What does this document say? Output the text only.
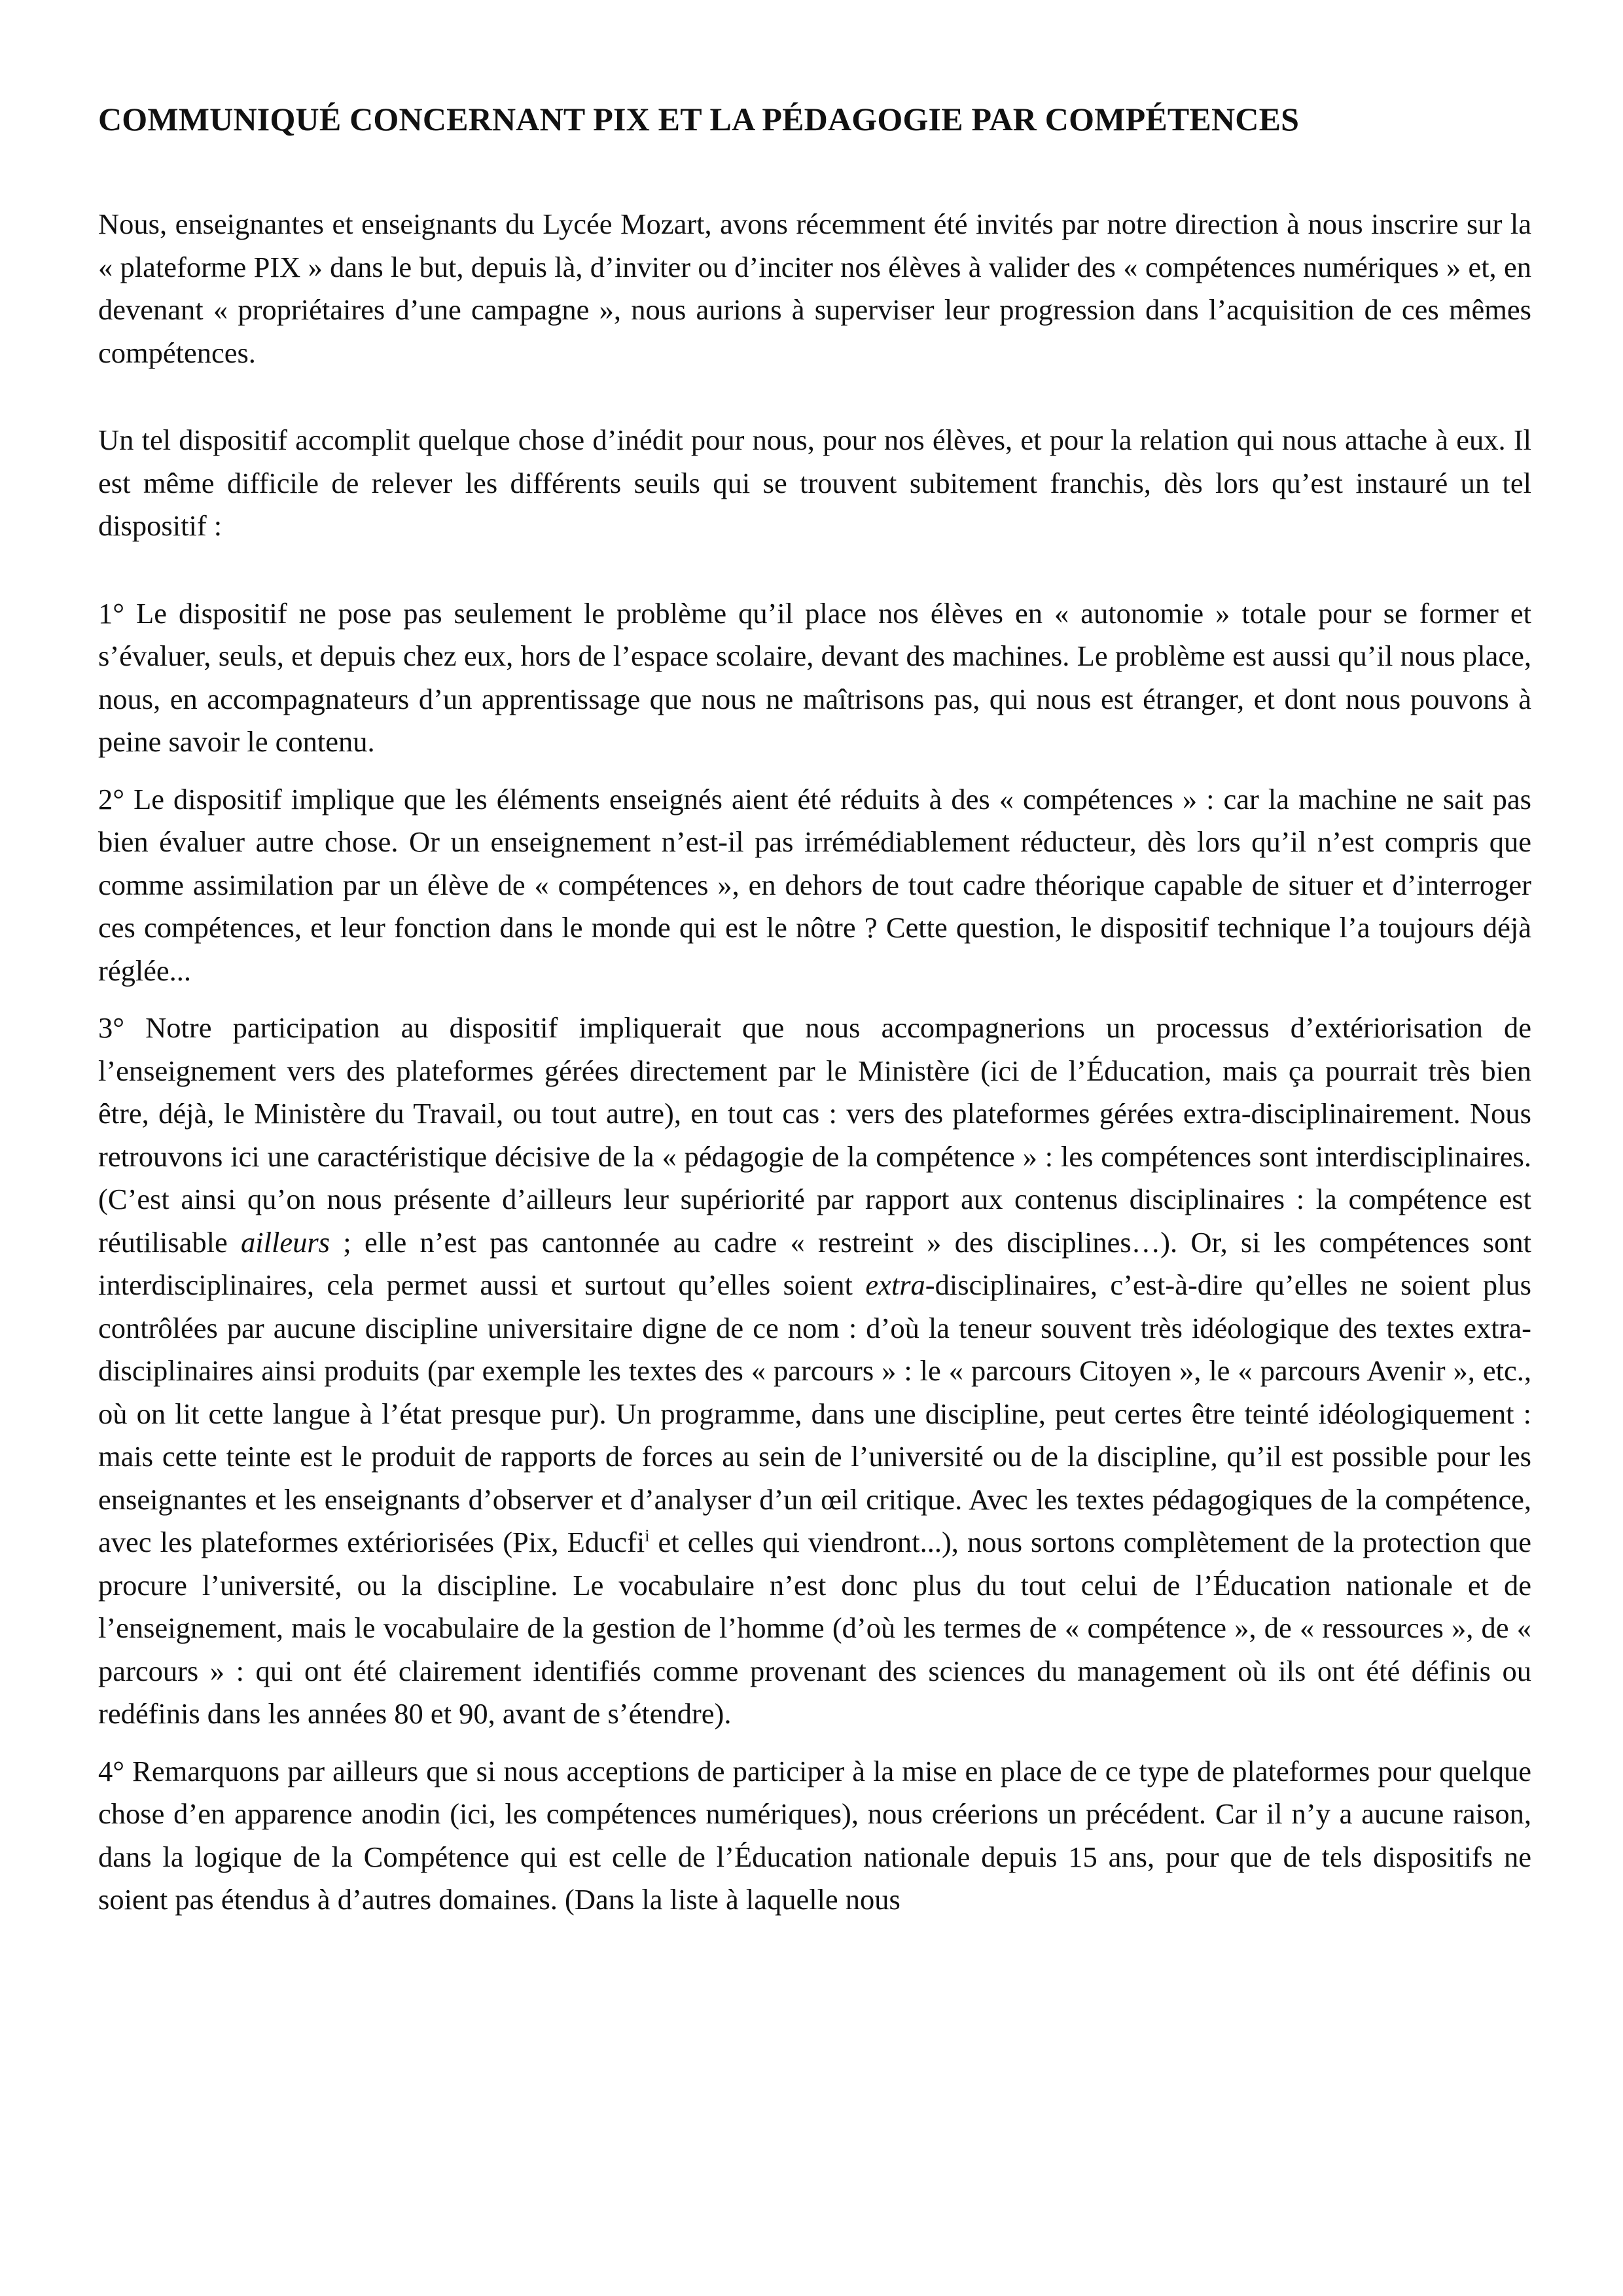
COMMUNIQUÉ CONCERNANT PIX ET LA PÉDAGOGIE PAR COMPÉTENCES

Nous, enseignantes et enseignants du Lycée Mozart, avons récemment été invités par notre direction à nous inscrire sur la « plateforme PIX » dans le but, depuis là, d’inviter ou d’inciter nos élèves à valider des « compétences numériques » et, en devenant « propriétaires d’une campagne », nous aurions à superviser leur progression dans l’acquisition de ces mêmes compétences.

Un tel dispositif accomplit quelque chose d’inédit pour nous, pour nos élèves, et pour la relation qui nous attache à eux. Il est même difficile de relever les différents seuils qui se trouvent subitement franchis, dès lors qu’est instauré un tel dispositif :

1° Le dispositif ne pose pas seulement le problème qu’il place nos élèves en « autonomie » totale pour se former et s’évaluer, seuls, et depuis chez eux, hors de l’espace scolaire, devant des machines. Le problème est aussi qu’il nous place, nous, en accompagnateurs d’un apprentissage que nous ne maîtrisons pas, qui nous est étranger, et dont nous pouvons à peine savoir le contenu.

2° Le dispositif implique que les éléments enseignés aient été réduits à des « compétences » : car la machine ne sait pas bien évaluer autre chose. Or un enseignement n’est-il pas irrémédiablement réducteur, dès lors qu’il n’est compris que comme assimilation par un élève de « compétences », en dehors de tout cadre théorique capable de situer et d’interroger ces compétences, et leur fonction dans le monde qui est le nôtre ? Cette question, le dispositif technique l’a toujours déjà réglée...

3° Notre participation au dispositif impliquerait que nous accompagnerions un processus d’extériorisation de l’enseignement vers des plateformes gérées directement par le Ministère (ici de l’Éducation, mais ça pourrait très bien être, déjà, le Ministère du Travail, ou tout autre), en tout cas : vers des plateformes gérées extra-disciplinairement. Nous retrouvons ici une caractéristique décisive de la « pédagogie de la compétence » : les compétences sont interdisciplinaires. (C’est ainsi qu’on nous présente d’ailleurs leur supériorité par rapport aux contenus disciplinaires : la compétence est réutilisable ailleurs ; elle n’est pas cantonnée au cadre « restreint » des disciplines…). Or, si les compétences sont interdisciplinaires, cela permet aussi et surtout qu’elles soient extra-disciplinaires, c’est-à-dire qu’elles ne soient plus contrôlées par aucune discipline universitaire digne de ce nom : d’où la teneur souvent très idéologique des textes extra-disciplinaires ainsi produits (par exemple les textes des « parcours » : le « parcours Citoyen », le « parcours Avenir », etc., où on lit cette langue à l’état presque pur). Un programme, dans une discipline, peut certes être teinté idéologiquement : mais cette teinte est le produit de rapports de forces au sein de l’université ou de la discipline, qu’il est possible pour les enseignantes et les enseignants d’observer et d’analyser d’un œil critique. Avec les textes pédagogiques de la compétence, avec les plateformes extériorisées (Pix, Educfi$^i$ et celles qui viendront...), nous sortons complètement de la protection que procure l’université, ou la discipline. Le vocabulaire n’est donc plus du tout celui de l’Éducation nationale et de l’enseignement, mais le vocabulaire de la gestion de l’homme (d’où les termes de « compétence », de « ressources », de « parcours » : qui ont été clairement identifiés comme provenant des sciences du management où ils ont été définis ou redéfinis dans les années 80 et 90, avant de s’étendre).

4° Remarquons par ailleurs que si nous acceptions de participer à la mise en place de ce type de plateformes pour quelque chose d’en apparence anodin (ici, les compétences numériques), nous créerions un précédent. Car il n’y a aucune raison, dans la logique de la Compétence qui est celle de l’Éducation nationale depuis 15 ans, pour que de tels dispositifs ne soient pas étendus à d’autres domaines. (Dans la liste à laquelle nous
